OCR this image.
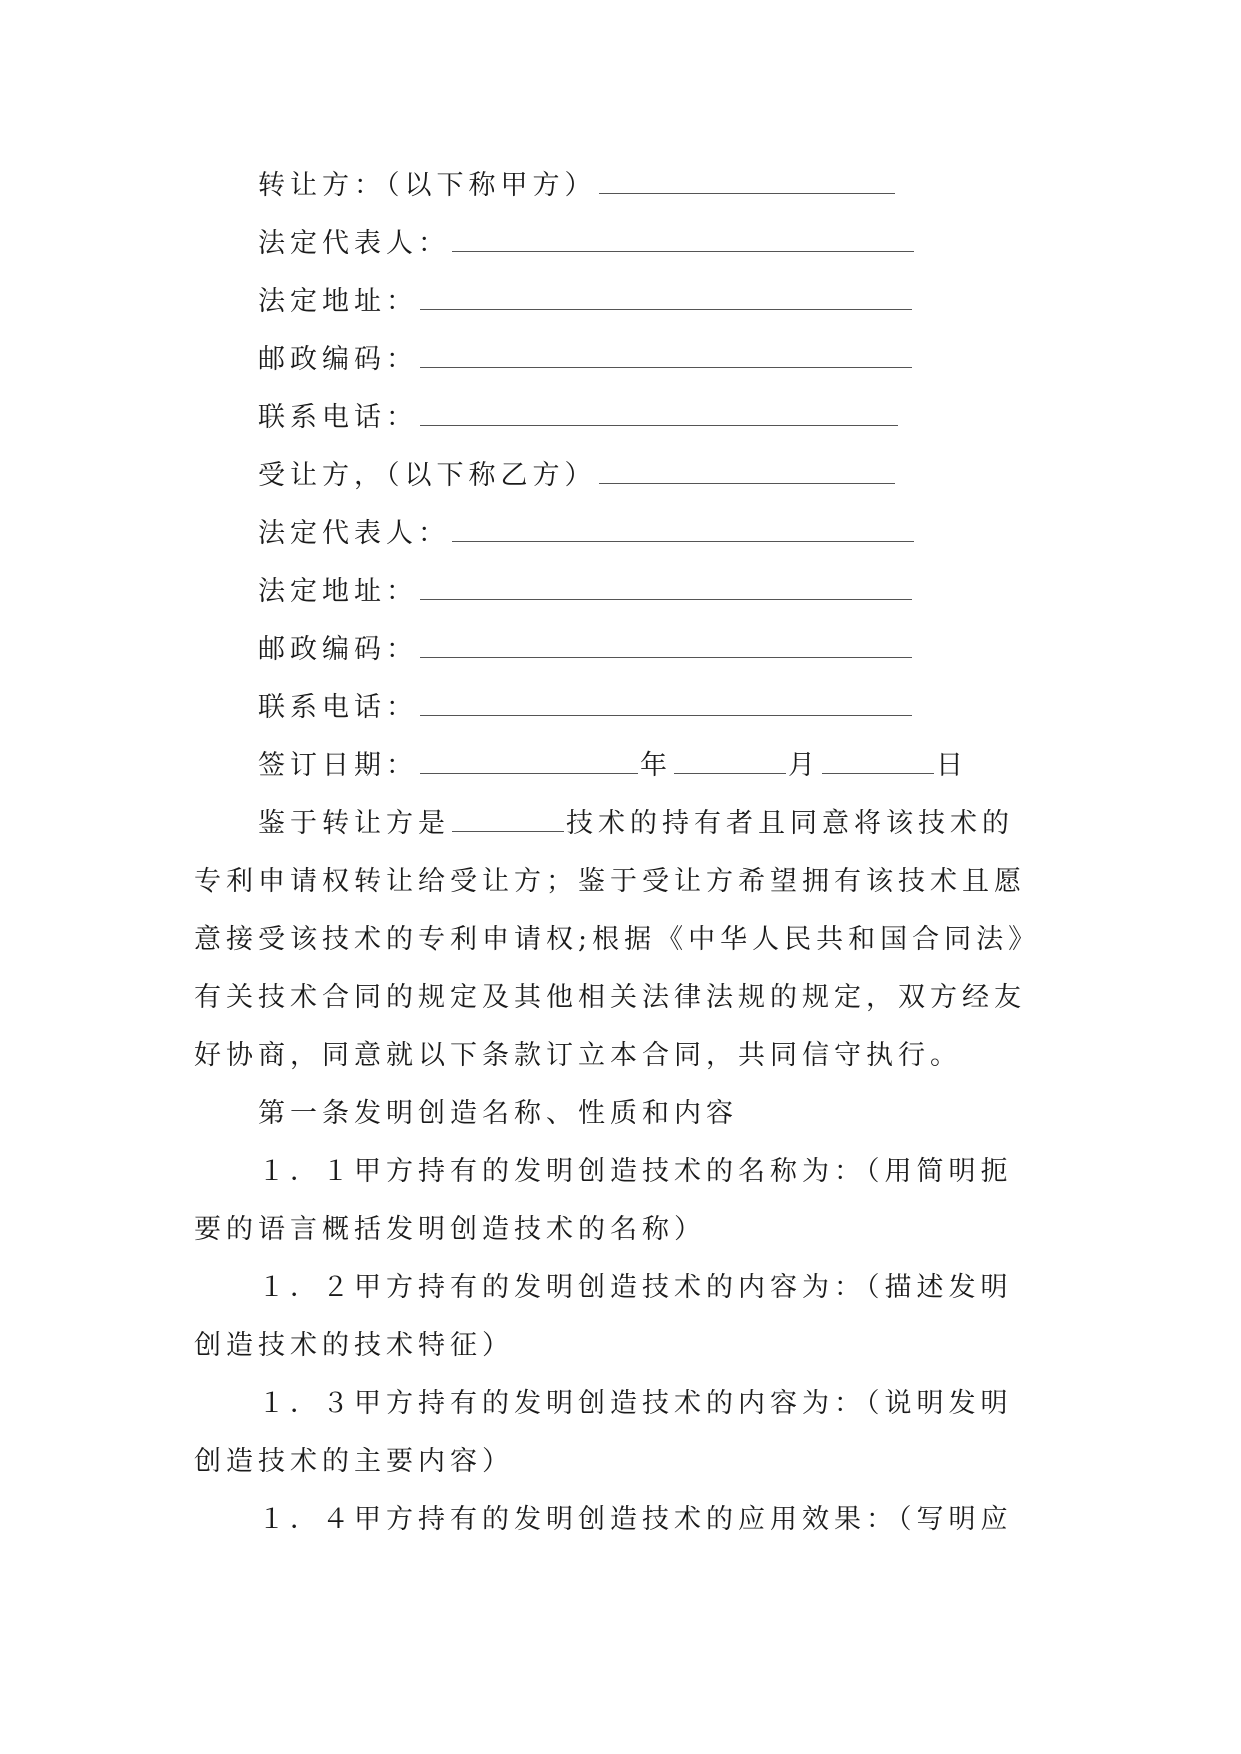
转让方：（以下称甲方）
法定代表人：
法定地址：
邮政编码：
联系电话：
受让方，（以下称乙方）
法定代表人：
法定地址：
邮政编码：
联系电话：
签订日期：	年	月	日
鉴于转让方是	技术的持有者且同意将该技术的
专利申请权转让给受让方；鉴于受让方希望拥有该技术且愿
意接受该技术的专利申请权;根据《中华人民共和国合同法》
有关技术合同的规定及其他相关法律法规的规定，双方经友
好协商，同意就以下条款订立本合同，共同信守执行。
第一条发明创造名称、性质和内容
１．１甲方持有的发明创造技术的名称为：（用简明扼
要的语言概括发明创造技术的名称）
１．２甲方持有的发明创造技术的内容为：（描述发明
创造技术的技术特征）
１．３甲方持有的发明创造技术的内容为：（说明发明
创造技术的主要内容）
１．４甲方持有的发明创造技术的应用效果：（写明应
